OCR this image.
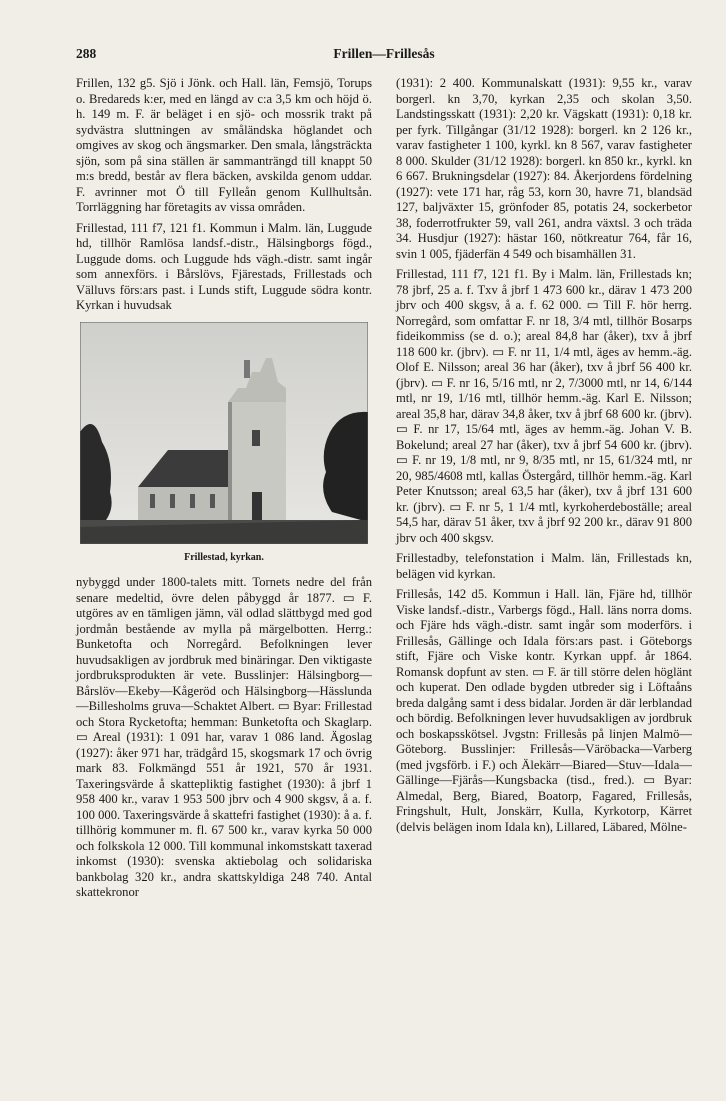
288	Frillen—Frillesås

Frillen, 132 g5. Sjö i Jönk. och Hall. län, Femsjö, Torups o. Bredareds k:er, med en längd av c:a 3,5 km och höjd ö. h. 149 m. F. är beläget i en sjö- och mossrik trakt på sydvästra sluttningen av småländska höglandet och omgives av skog och ängsmarker. Den smala, långsträckta sjön, som på sina ställen är sammanträngd till knappt 50 m:s bredd, består av flera bäcken, avskilda genom uddar. F. avrinner mot Ö till Fylleån genom Kullhultsån. Torrläggning har företagits av vissa områden.

Frillestad, 111 f7, 121 f1. Kommun i Malm. län, Luggude hd, tillhör Ramlösa landsf.-distr., Hälsingborgs fögd., Luggude doms. och Luggude hds vägh.-distr. samt ingår som annexförs. i Bårslövs, Fjärestads, Frillestads och Välluvs förs:ars past. i Lunds stift, Luggude södra kontr. Kyrkan i huvudsak

Frillestad, kyrkan.

nybyggd under 1800-talets mitt. Tornets nedre del från senare medeltid, övre delen påbyggd år 1877. ▭ F. utgöres av en tämligen jämn, väl odlad slättbygd med god jordmån bestående av mylla på märgelbotten. Herrg.: Bunketofta och Norregård. Befolkningen lever huvudsakligen av jordbruk med binäringar. Den viktigaste jordbruksprodukten är vete. Busslinjer: Hälsingborg—Bårslöv—Ekeby—Kågeröd och Hälsingborg—Hässlunda—Billesholms gruva—Schaktet Albert. ▭ Byar: Frillestad och Stora Rycketofta; hemman: Bunketofta och Skaglarp. ▭ Areal (1931): 1 091 har, varav 1 086 land. Ägoslag (1927): åker 971 har, trädgård 15, skogsmark 17 och övrig mark 83. Folkmängd 551 år 1921, 570 år 1931. Taxeringsvärde å skattepliktig fastighet (1930): å jbrf 1 958 400 kr., varav 1 953 500 jbrv och 4 900 skgsv, å a. f. 100 000. Taxeringsvärde å skattefri fastighet (1930): å a. f. tillhörig kommuner m. fl. 67 500 kr., varav kyrka 50 000 och folkskola 12 000. Till kommunal inkomstskatt taxerad inkomst (1930): svenska aktiebolag och solidariska bankbolag 320 kr., andra skattskyldiga 248 740. Antal skattekronor

(1931): 2 400. Kommunalskatt (1931): 9,55 kr., varav borgerl. kn 3,70, kyrkan 2,35 och skolan 3,50. Landstingsskatt (1931): 2,20 kr. Vägskatt (1931): 0,18 kr. per fyrk. Tillgångar (31/12 1928): borgerl. kn 2 126 kr., varav fastigheter 1 100, kyrkl. kn 8 567, varav fastigheter 8 000. Skulder (31/12 1928): borgerl. kn 850 kr., kyrkl. kn 6 667. Brukningsdelar (1927): 84. Åkerjordens fördelning (1927): vete 171 har, råg 53, korn 30, havre 71, blandsäd 127, baljväxter 15, grönfoder 85, potatis 24, sockerbetor 38, foderrotfrukter 59, vall 261, andra växtsl. 3 och träda 34. Husdjur (1927): hästar 160, nötkreatur 764, får 16, svin 1 005, fjäderfän 4 549 och bisamhällen 31.

Frillestad, 111 f7, 121 f1. By i Malm. län, Frillestads kn; 78 jbrf, 25 a. f. Txv å jbrf 1 473 600 kr., därav 1 473 200 jbrv och 400 skgsv, å a. f. 62 000. ▭ Till F. hör herrg. Norregård, som omfattar F. nr 18, 3/4 mtl, tillhör Bosarps fideikommiss (se d. o.); areal 84,8 har (åker), txv å jbrf 118 600 kr. (jbrv). ▭ F. nr 11, 1/4 mtl, äges av hemm.-äg. Olof E. Nilsson; areal 36 har (åker), txv å jbrf 56 400 kr. (jbrv). ▭ F. nr 16, 5/16 mtl, nr 2, 7/3000 mtl, nr 14, 6/144 mtl, nr 19, 1/16 mtl, tillhör hemm.-äg. Karl E. Nilsson; areal 35,8 har, därav 34,8 åker, txv å jbrf 68 600 kr. (jbrv). ▭ F. nr 17, 15/64 mtl, äges av hemm.-äg. Johan V. B. Bokelund; areal 27 har (åker), txv å jbrf 54 600 kr. (jbrv). ▭ F. nr 19, 1/8 mtl, nr 9, 8/35 mtl, nr 15, 61/324 mtl, nr 20, 985/4608 mtl, kallas Östergård, tillhör hemm.-äg. Karl Peter Knutsson; areal 63,5 har (åker), txv å jbrf 131 600 kr. (jbrv). ▭ F. nr 5, 1 1/4 mtl, kyrkoherdeboställe; areal 54,5 har, därav 51 åker, txv å jbrf 92 200 kr., därav 91 800 jbrv och 400 skgsv.

Frillestadby, telefonstation i Malm. län, Frillestads kn, belägen vid kyrkan.

Frillesås, 142 d5. Kommun i Hall. län, Fjäre hd, tillhör Viske landsf.-distr., Varbergs fögd., Hall. läns norra doms. och Fjäre hds vägh.-distr. samt ingår som moderförs. i Frillesås, Gällinge och Idala förs:ars past. i Göteborgs stift, Fjäre och Viske kontr. Kyrkan uppf. år 1864. Romansk dopfunt av sten. ▭ F. är till större delen höglänt och kuperat. Den odlade bygden utbreder sig i Löftaåns breda dalgång samt i dess bidalar. Jorden är där lerblandad och bördig. Befolkningen lever huvudsakligen av jordbruk och boskapsskötsel. Jvgstn: Frillesås på linjen Malmö—Göteborg. Busslinjer: Frillesås—Väröbacka—Varberg (med jvgsförb. i F.) och Älekärr—Biared—Stuv—Idala—Gällinge—Fjärås—Kungsbacka (tisd., fred.). ▭ Byar: Almedal, Berg, Biared, Boatorp, Fagared, Frillesås, Fringshult, Hult, Jonskärr, Kulla, Kyrkotorp, Kärret (delvis belägen inom Idala kn), Lillared, Läbared, Mölne-
